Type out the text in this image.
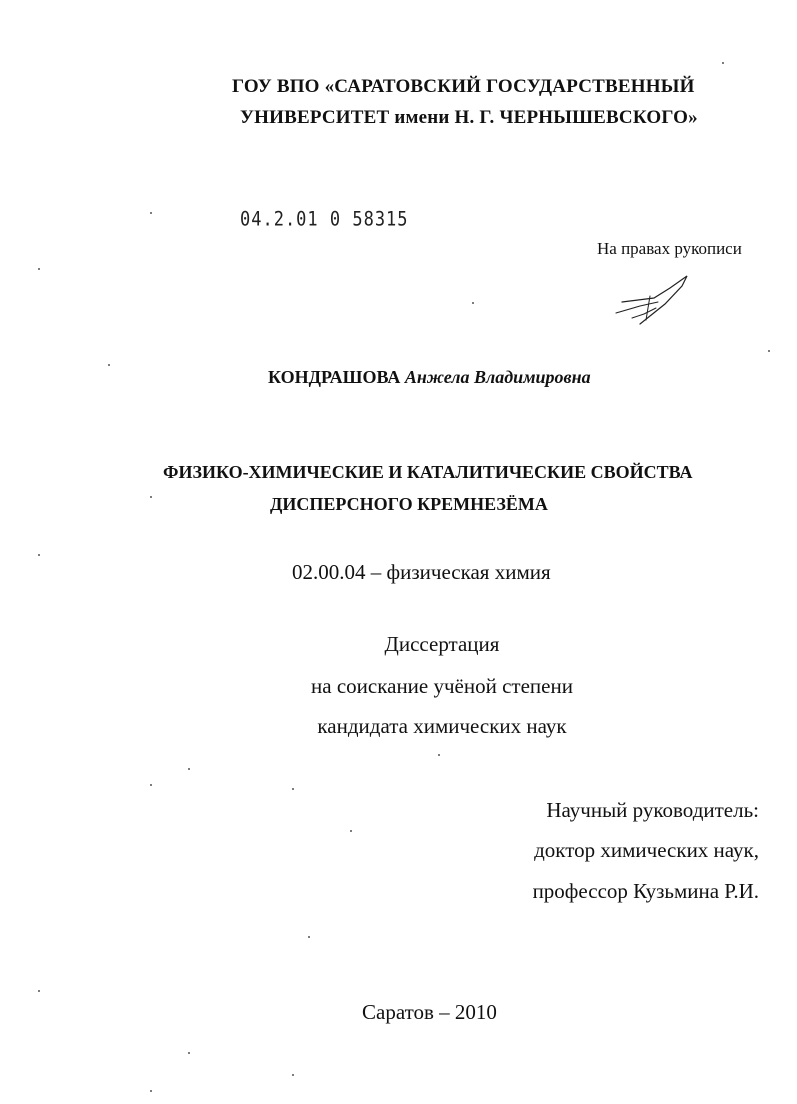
ГОУ ВПО «САРАТОВСКИЙ ГОСУДАРСТВЕННЫЙ
УНИВЕРСИТЕТ имени Н. Г. ЧЕРНЫШЕВСКОГО»
04.2.01 0 58315
На правах рукописи
КОНДРАШОВА Анжела Владимировна
ФИЗИКО-ХИМИЧЕСКИЕ И КАТАЛИТИЧЕСКИЕ СВОЙСТВА
ДИСПЕРСНОГО КРЕМНЕЗЁМА
02.00.04 – физическая химия
Диссертация
на соискание учёной степени
кандидата химических наук
Научный руководитель:
доктор химических наук,
профессор Кузьмина Р.И.
Саратов – 2010
